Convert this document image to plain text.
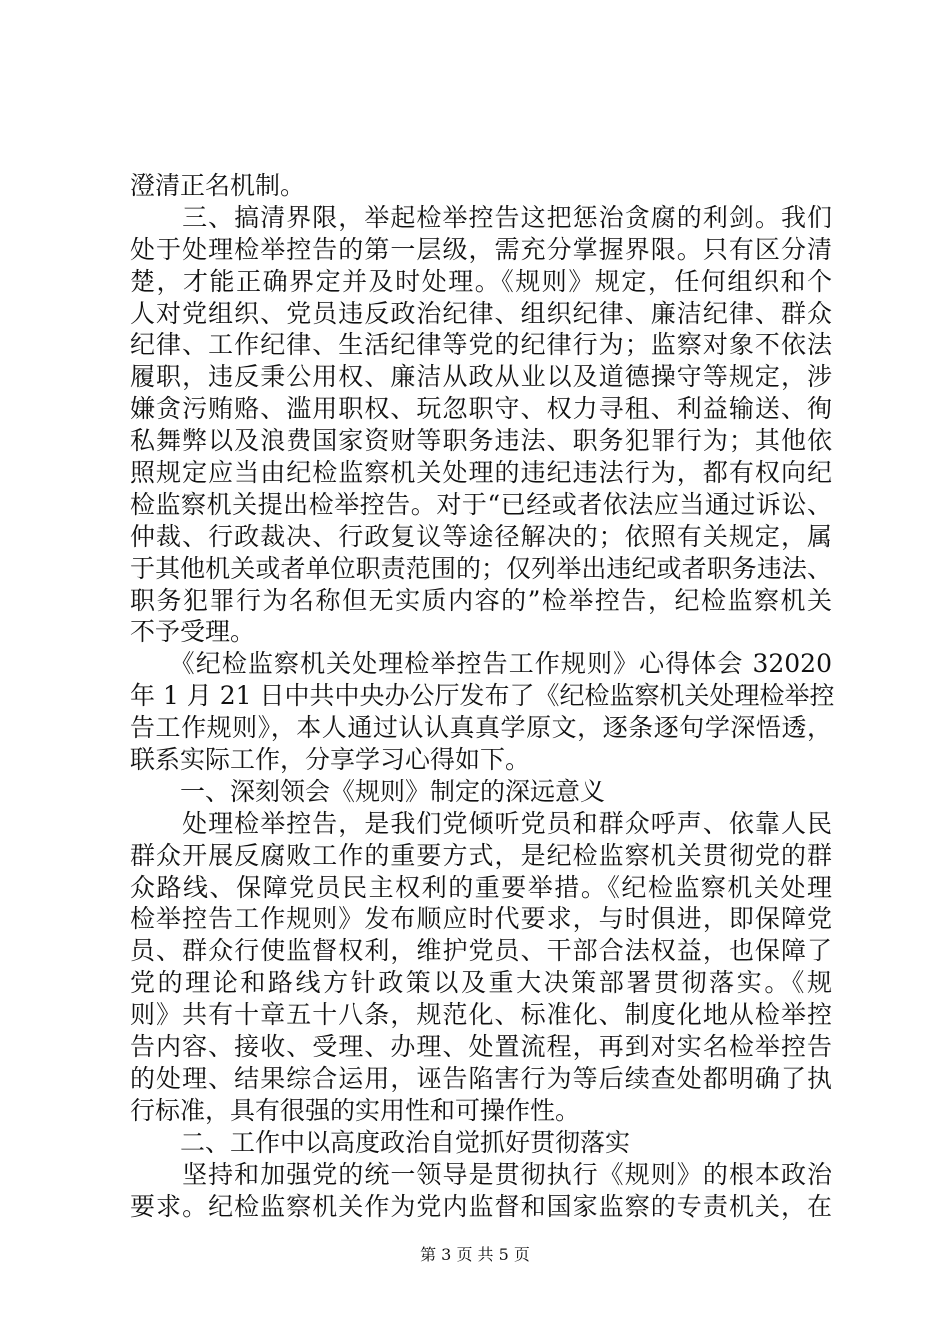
澄清正名机制。
　　三、搞清界限，举起检举控告这把惩治贪腐的利剑。我们
处于处理检举控告的第一层级，需充分掌握界限。只有区分清
楚，才能正确界定并及时处理。《规则》规定，任何组织和个
人对党组织、党员违反政治纪律、组织纪律、廉洁纪律、群众
纪律、工作纪律、生活纪律等党的纪律行为；监察对象不依法
履职，违反秉公用权、廉洁从政从业以及道德操守等规定，涉
嫌贪污贿赂、滥用职权、玩忽职守、权力寻租、利益输送、徇
私舞弊以及浪费国家资财等职务违法、职务犯罪行为；其他依
照规定应当由纪检监察机关处理的违纪违法行为，都有权向纪
检监察机关提出检举控告。对于“已经或者依法应当通过诉讼、
仲裁、行政裁决、行政复议等途径解决的；依照有关规定，属
于其他机关或者单位职责范围的；仅列举出违纪或者职务违法、
职务犯罪行为名称但无实质内容的”检举控告，纪检监察机关
不予受理。
　　《纪检监察机关处理检举控告工作规则》心得体会 32020
年 1 月 21 日中共中央办公厅发布了《纪检监察机关处理检举控
告工作规则》，本人通过认认真真学原文，逐条逐句学深悟透，
联系实际工作，分享学习心得如下。
　　一、深刻领会《规则》制定的深远意义
　　处理检举控告，是我们党倾听党员和群众呼声、依靠人民
群众开展反腐败工作的重要方式，是纪检监察机关贯彻党的群
众路线、保障党员民主权利的重要举措。《纪检监察机关处理
检举控告工作规则》发布顺应时代要求，与时俱进，即保障党
员、群众行使监督权利，维护党员、干部合法权益，也保障了
党的理论和路线方针政策以及重大决策部署贯彻落实。《规
则》共有十章五十八条，规范化、标准化、制度化地从检举控
告内容、接收、受理、办理、处置流程，再到对实名检举控告
的处理、结果综合运用，诬告陷害行为等后续查处都明确了执
行标准，具有很强的实用性和可操作性。
　　二、工作中以高度政治自觉抓好贯彻落实
　　坚持和加强党的统一领导是贯彻执行《规则》的根本政治
要求。纪检监察机关作为党内监督和国家监察的专责机关，在
第 3 页 共 5 页
